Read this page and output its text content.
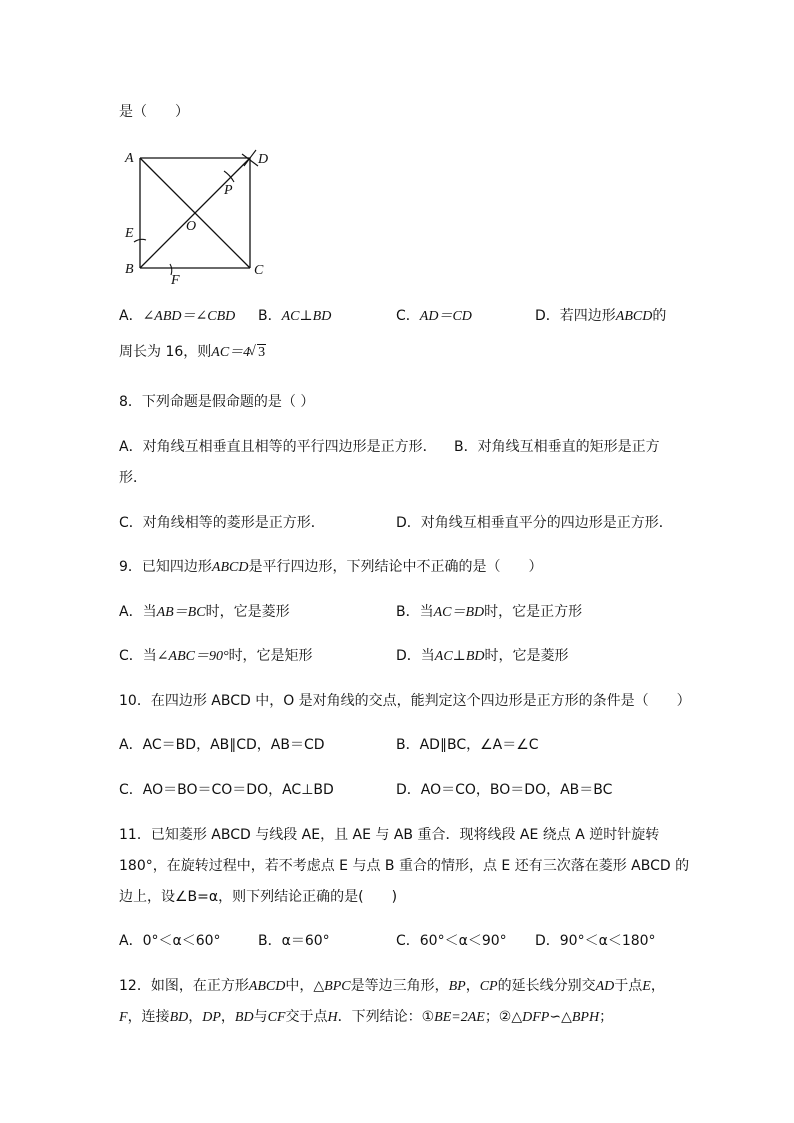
是（　　）
A
B	C
D
O
P
E
F
A．∠ABD＝∠CBD B．AC⊥BD	C．AD＝CD	D．若四边形ABCD的
周长为 16，则AC＝4√ 3
8．下列命题是假命题的是（ ）
A．对角线互相垂直且相等的平行四边形是正方形． B．对角线互相垂直的矩形是正方
形．
C．对角线相等的菱形是正方形．	D．对角线互相垂直平分的四边形是正方形．
9．已知四边形ABCD是平行四边形，下列结论中不正确的是（　　）
A．当AB＝BC时，它是菱形	B．当AC＝BD时，它是正方形
C．当∠ABC＝90°时，它是矩形	D．当AC⊥BD时，它是菱形
10．在四边形 ABCD 中，O 是对角线的交点，能判定这个四边形是正方形的条件是（　　）
A．AC＝BD，AB∥CD，AB＝CD	B．AD∥BC，∠A＝∠C
C．AO＝BO＝CO＝DO，AC⊥BD	D．AO＝CO，BO＝DO，AB＝BC
11．已知菱形 ABCD 与线段 AE，且 AE 与 AB 重合．现将线段 AE 绕点 A 逆时针旋转
180°，在旋转过程中，若不考虑点 E 与点 B 重合的情形，点 E 还有三次落在菱形 ABCD 的
边上，设∠B=α，则下列结论正确的是(　　)
A．0°＜α＜60°	B．α＝60°	C．60°＜α＜90° D．90°＜α＜180°
12．如图，在正方形ABCD中，△BPC是等边三角形，BP，CP的延长线分别交AD于点E，
F，连接BD，DP，BD与CF交于点H．下列结论：①BE=2AE；②△DFP∽△BPH；
